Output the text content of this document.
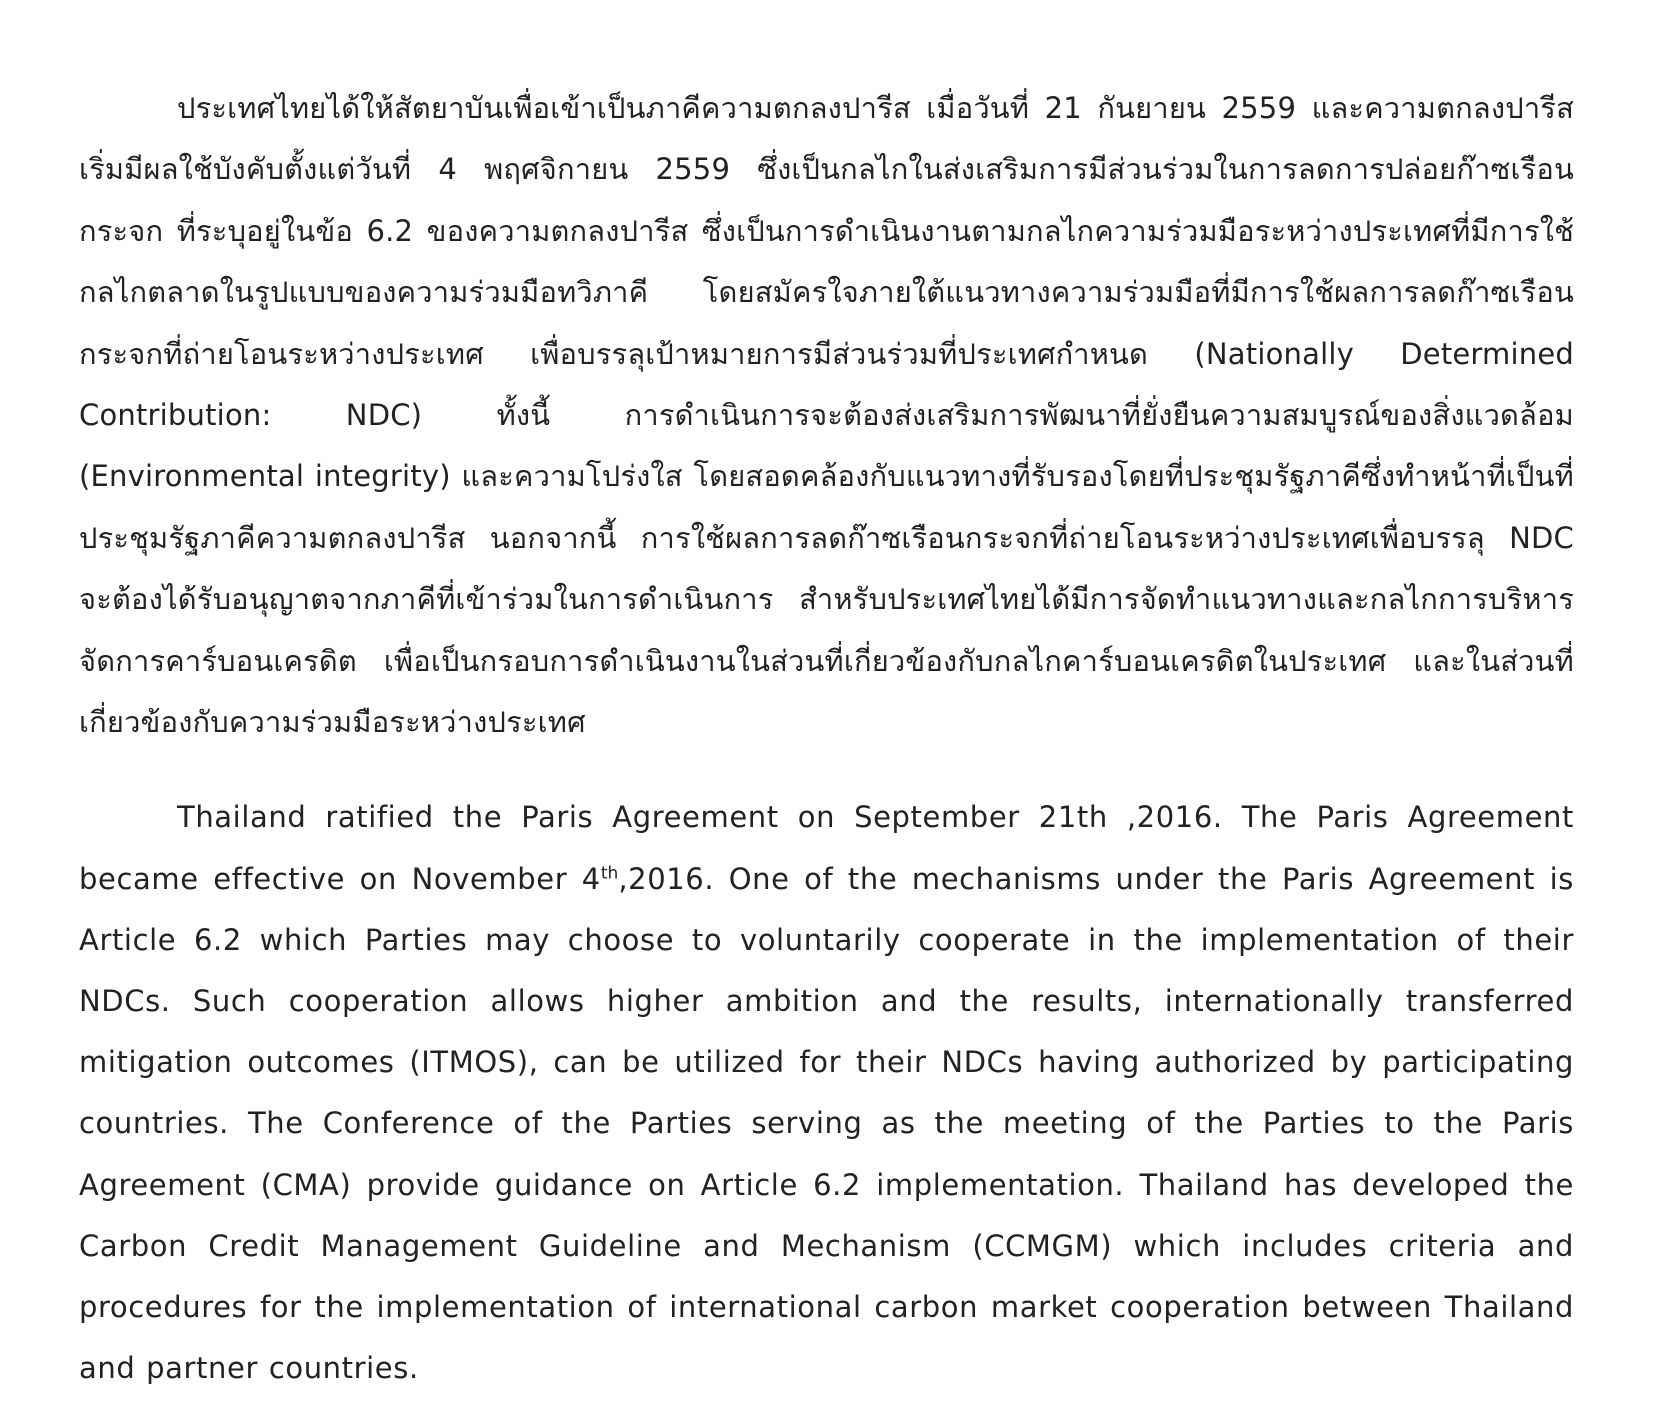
ประเทศไทยได้ให้สัตยาบันเพื่อเข้าเป็นภาคีความตกลงปารีส เมื่อวันที่ 21 กันยายน 2559 และความตกลงปารีสเริ่มมีผลใช้บังคับตั้งแต่วันที่ 4 พฤศจิกายน 2559 ซึ่งเป็นกลไกในส่งเสริมการมีส่วนร่วมในการลดการปล่อยก๊าซเรือนกระจก ที่ระบุอยู่ในข้อ 6.2 ของความตกลงปารีส ซึ่งเป็นการดำเนินงานตามกลไกความร่วมมือระหว่างประเทศที่มีการใช้กลไกตลาดในรูปแบบของความร่วมมือทวิภาคี โดยสมัครใจภายใต้แนวทางความร่วมมือที่มีการใช้ผลการลดก๊าซเรือนกระจกที่ถ่ายโอนระหว่างประเทศ เพื่อบรรลุเป้าหมายการมีส่วนร่วมที่ประเทศกำหนด (Nationally Determined Contribution: NDC) ทั้งนี้ การดำเนินการจะต้องส่งเสริมการพัฒนาที่ยั่งยืนความสมบูรณ์ของสิ่งแวดล้อม (Environmental integrity) และความโปร่งใส โดยสอดคล้องกับแนวทางที่รับรองโดยที่ประชุมรัฐภาคีซึ่งทำหน้าที่เป็นที่ประชุมรัฐภาคีความตกลงปารีส นอกจากนี้ การใช้ผลการลดก๊าซเรือนกระจกที่ถ่ายโอนระหว่างประเทศเพื่อบรรลุ NDC จะต้องได้รับอนุญาตจากภาคีที่เข้าร่วมในการดำเนินการ สำหรับประเทศไทยได้มีการจัดทำแนวทางและกลไกการบริหารจัดการคาร์บอนเครดิต เพื่อเป็นกรอบการดำเนินงานในส่วนที่เกี่ยวข้องกับกลไกคาร์บอนเครดิตในประเทศ และในส่วนที่เกี่ยวข้องกับความร่วมมือระหว่างประเทศ

Thailand ratified the Paris Agreement on September 21th ,2016. The Paris Agreement became effective on November 4th,2016. One of the mechanisms under the Paris Agreement is Article 6.2 which Parties may choose to voluntarily cooperate in the implementation of their NDCs. Such cooperation allows higher ambition and the results, internationally transferred mitigation outcomes (ITMOS), can be utilized for their NDCs having authorized by participating countries. The Conference of the Parties serving as the meeting of the Parties to the Paris Agreement (CMA) provide guidance on Article 6.2 implementation. Thailand has developed the Carbon Credit Management Guideline and Mechanism (CCMGM) which includes criteria and procedures for the implementation of international carbon market cooperation between Thailand and partner countries.
